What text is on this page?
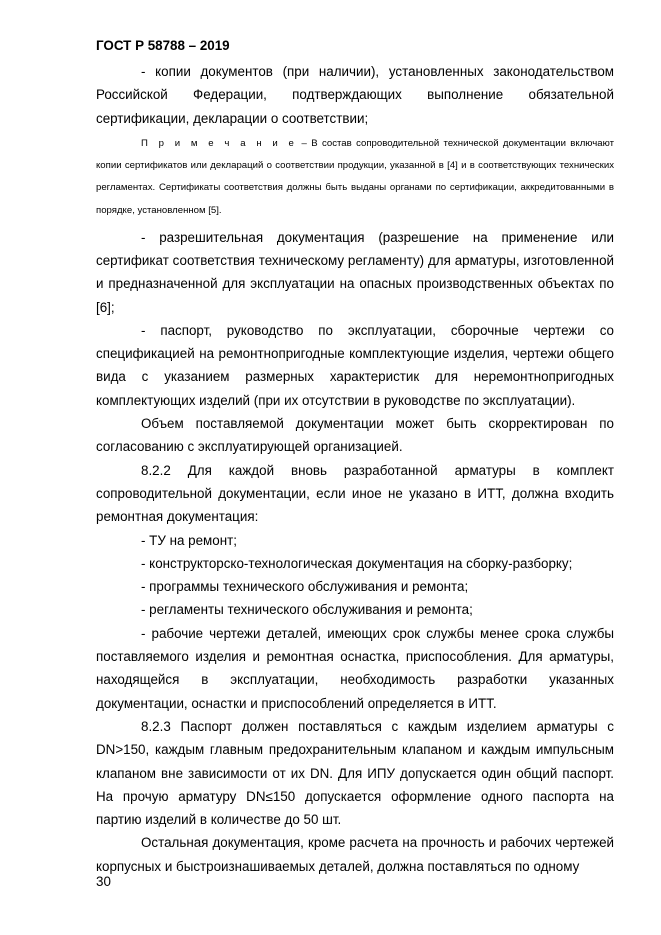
ГОСТ Р 58788 – 2019

- копии документов (при наличии), установленных законодательством Российской Федерации, подтверждающих выполнение обязательной сертификации, декларации о соответствии;

П р и м е ч а н и е – В состав сопроводительной технической документации включают копии сертификатов или деклараций о соответствии продукции, указанной в [4] и в соответствующих технических регламентах. Сертификаты соответствия должны быть выданы органами по сертификации, аккредитованными в порядке, установленном [5].

- разрешительная документация (разрешение на применение или сертификат соответствия техническому регламенту) для арматуры, изготовленной и предназначенной для эксплуатации на опасных производственных объектах по [6];

- паспорт, руководство по эксплуатации, сборочные чертежи со спецификацией на ремонтнопригодные комплектующие изделия, чертежи общего вида с указанием размерных характеристик для неремонтнопригодных комплектующих изделий (при их отсутствии в руководстве по эксплуатации).

Объем поставляемой документации может быть скорректирован по согласованию с эксплуатирующей организацией.

8.2.2 Для каждой вновь разработанной арматуры в комплект сопроводительной документации, если иное не указано в ИТТ, должна входить ремонтная документация:

- ТУ на ремонт;

- конструкторско-технологическая документация на сборку-разборку;

- программы технического обслуживания и ремонта;

- регламенты технического обслуживания и ремонта;

- рабочие чертежи деталей, имеющих срок службы менее срока службы поставляемого изделия и ремонтная оснастка, приспособления. Для арматуры, находящейся в эксплуатации, необходимость разработки указанных документации, оснастки и приспособлений определяется в ИТТ.

8.2.3 Паспорт должен поставляться с каждым изделием арматуры с DN>150, каждым главным предохранительным клапаном и каждым импульсным клапаном вне зависимости от их DN. Для ИПУ допускается один общий паспорт. На прочую арматуру DN≤150 допускается оформление одного паспорта на партию изделий в количестве до 50 шт.

Остальная документация, кроме расчета на прочность и рабочих чертежей корпусных и быстроизнашиваемых деталей, должна поставляться по одному

30
